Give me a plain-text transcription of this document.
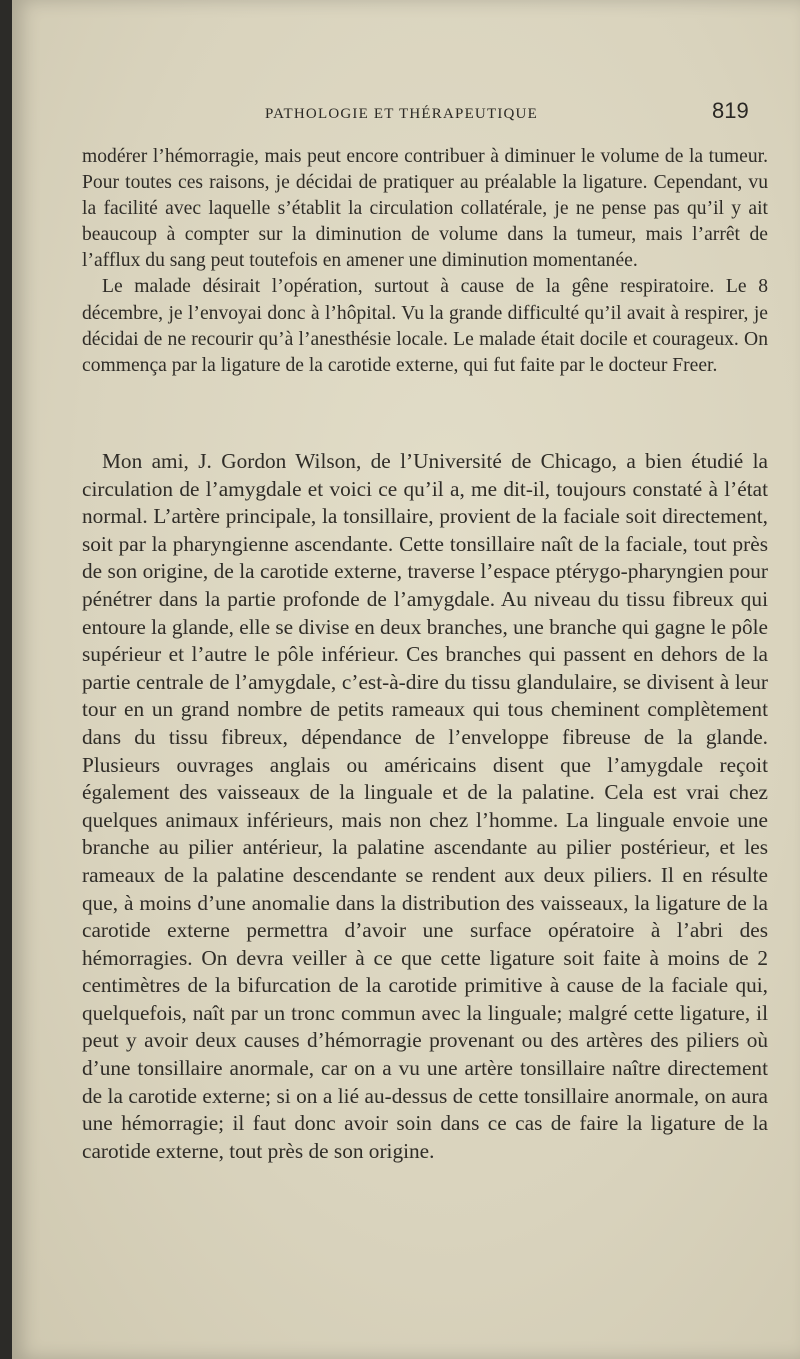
PATHOLOGIE ET THÉRAPEUTIQUE	819

modérer l’hémorragie, mais peut encore contribuer à diminuer le volume de la tumeur. Pour toutes ces raisons, je décidai de pratiquer au préalable la ligature. Cependant, vu la facilité avec laquelle s’établit la circulation collatérale, je ne pense pas qu’il y ait beaucoup à compter sur la diminution de volume dans la tumeur, mais l’arrêt de l’afflux du sang peut toutefois en amener une diminution momentanée.

Le malade désirait l’opération, surtout à cause de la gêne respiratoire. Le 8 décembre, je l’envoyai donc à l’hôpital. Vu la grande difficulté qu’il avait à respirer, je décidai de ne recourir qu’à l’anesthésie locale. Le malade était docile et courageux. On commença par la ligature de la carotide externe, qui fut faite par le docteur Freer.

Mon ami, J. Gordon Wilson, de l’Université de Chicago, a bien étudié la circulation de l’amygdale et voici ce qu’il a, me dit-il, toujours constaté à l’état normal. L’artère principale, la tonsillaire, provient de la faciale soit directement, soit par la pharyngienne ascendante. Cette tonsillaire naît de la faciale, tout près de son origine, de la carotide externe, traverse l’espace ptérygo-pharyngien pour pénétrer dans la partie profonde de l’amygdale. Au niveau du tissu fibreux qui entoure la glande, elle se divise en deux branches, une branche qui gagne le pôle supérieur et l’autre le pôle inférieur. Ces branches qui passent en dehors de la partie centrale de l’amygdale, c’est-à-dire du tissu glandulaire, se divisent à leur tour en un grand nombre de petits rameaux qui tous cheminent complètement dans du tissu fibreux, dépendance de l’enveloppe fibreuse de la glande. Plusieurs ouvrages anglais ou américains disent que l’amygdale reçoit également des vaisseaux de la linguale et de la palatine. Cela est vrai chez quelques animaux inférieurs, mais non chez l’homme. La linguale envoie une branche au pilier antérieur, la palatine ascendante au pilier postérieur, et les rameaux de la palatine descendante se rendent aux deux piliers. Il en résulte que, à moins d’une anomalie dans la distribution des vaisseaux, la ligature de la carotide externe permettra d’avoir une surface opératoire à l’abri des hémorragies. On devra veiller à ce que cette ligature soit faite à moins de 2 centimètres de la bifurcation de la carotide primitive à cause de la faciale qui, quelquefois, naît par un tronc commun avec la linguale; malgré cette ligature, il peut y avoir deux causes d’hémorragie provenant ou des artères des piliers où d’une tonsillaire anormale, car on a vu une artère tonsillaire naître directement de la carotide externe; si on a lié au-dessus de cette tonsillaire anormale, on aura une hémorragie; il faut donc avoir soin dans ce cas de faire la ligature de la carotide externe, tout près de son origine.
